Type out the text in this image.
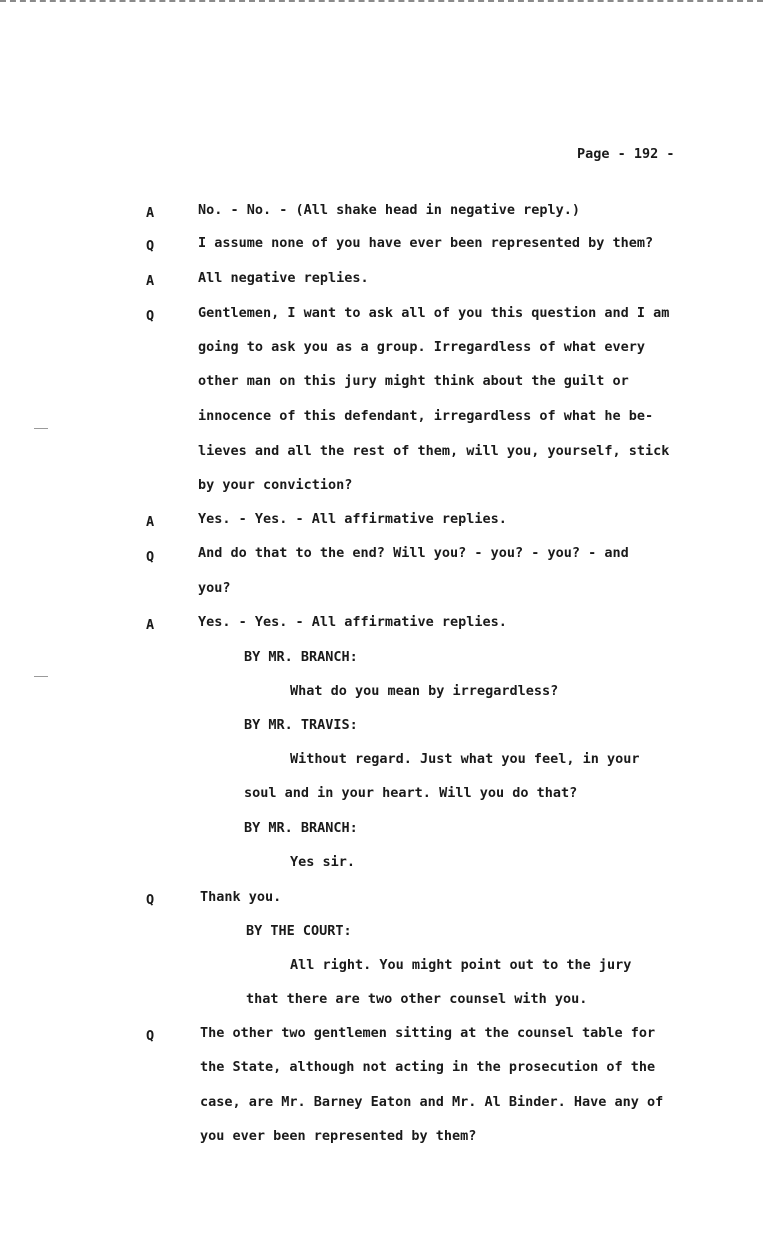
Page - 192 -
A	No. - No. - (All shake head in negative reply.)
Q	I assume none of you have ever been represented by them?
A	All negative replies.
Q	Gentlemen, I want to ask all of you this question and I am
going to ask you as a group. Irregardless of what every
other man on this jury might think about the guilt or
innocence of this defendant, irregardless of what he be-
lieves and all the rest of them, will you, yourself, stick
by your conviction?
A	Yes. - Yes. - All affirmative replies.
Q	And do that to the end? Will you? - you? - you? - and
you?
A	Yes. - Yes. - All affirmative replies.
BY MR. BRANCH:
What do you mean by irregardless?
BY MR. TRAVIS:
Without regard. Just what you feel, in your
soul and in your heart. Will you do that?
BY MR. BRANCH:
Yes sir.
Q	Thank you.
BY THE COURT:
All right. You might point out to the jury
that there are two other counsel with you.
Q	The other two gentlemen sitting at the counsel table for
the State, although not acting in the prosecution of the
case, are Mr. Barney Eaton and Mr. Al Binder. Have any of
you ever been represented by them?
